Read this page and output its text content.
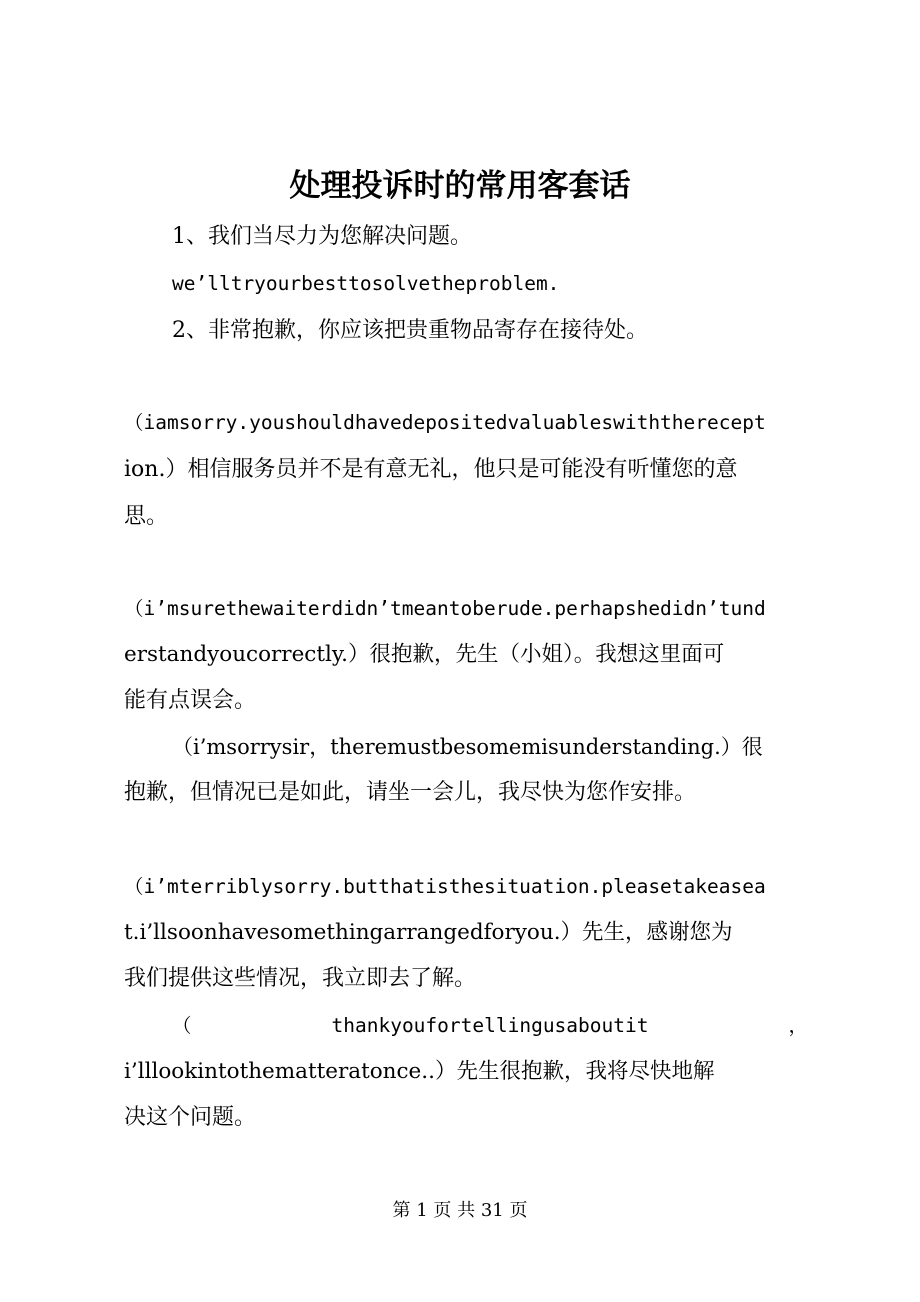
处理投诉时的常用客套话

1、我们当尽力为您解决问题。

we’lltryourbesttosolvetheproblem.

2、非常抱歉，你应该把贵重物品寄存在接待处。

（iamsorry.youshouldhavedepositedvaluableswiththerecept

ion.）相信服务员并不是有意无礼，他只是可能没有听懂您的意

思。

（i’msurethewaiterdidn’tmeantoberude.perhapshedidn’tund

erstandyoucorrectly.）很抱歉，先生（小姐）。我想这里面可

能有点误会。

（i’msorrysir，theremustbesomemisunderstanding.）很

抱歉，但情况已是如此，请坐一会儿，我尽快为您作安排。

（i’mterriblysorry.butthatisthesituation.pleasetakeasea

t.i’llsoonhavesomethingarrangedforyou.）先生，感谢您为

我们提供这些情况，我立即去了解。

（	thankyoufortellingusaboutit	，

i’lllookintothematteratonce..）先生很抱歉，我将尽快地解

决这个问题。

第 1 页 共 31 页
